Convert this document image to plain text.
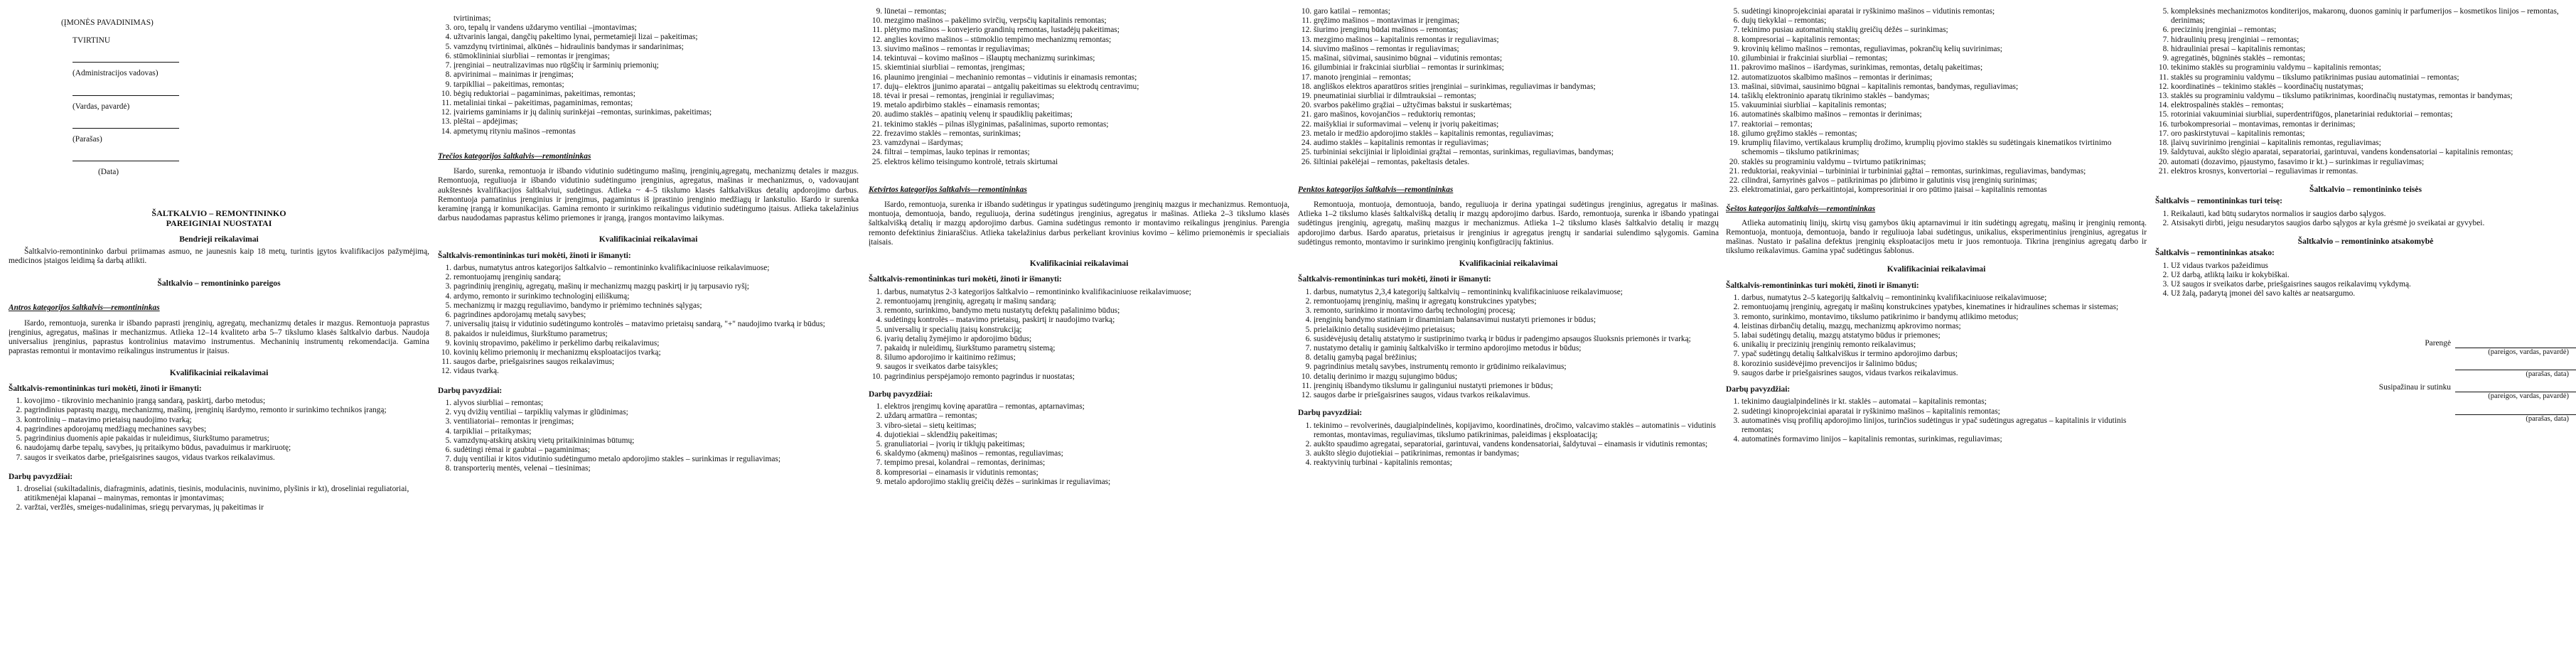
(ĮMONĖS PAVADINIMAS)
TVIRTINU
(Administracijos vadovas)
(Vardas, pavardė)
(Parašas)
(Data)
ŠALTKALVIO – REMONTININKO
PAREIGINIAI NUOSTATAI
Bendrieji reikalavimai

Šaltkalvio-remontininko darbui priimamas asmuo, ne jaunesnis kaip 18 metų, turintis įgytos kvalifikacijos pažymėjimą, medicinos įstaigos leidimą ša darbą atlikti.

Šaltkalvio – remontininko pareigos
Antros kategorijos šaltkalvis—remontininkas

Išardo, remontuoja, surenka ir išbando paprasti įrenginių, agregatų, mechanizmų detales ir mazgus. Remontuoja paprastus įrenginius, agregatus, mašinas ir mechanizmus. Atlieka 12–14 kvaliteto arba 5–7 tikslumo klasės šaltkalvio darbus. Naudoja universalius įrenginius, paprastus kontrolinius matavimo instrumentus. Mechaninių instrumentų rekomendacija. Gamina paprastas remontui ir montavimo reikalingus instrumentus ir įtaisus.

Kvalifikaciniai reikalavimai
Šaltkalvis-remontininkas turi mokėti, žinoti ir išmanyti:
1. kovojimo - tikrovinio mechaninio įrangą sandarą, paskirtį, darbo metodus;
2. pagrindinius paprastų mazgų, mechanizmų, mašinų, įrenginių išardymo, remonto ir surinkimo technikos įrangą;
3. kontrolinių – matavimo prietaisų naudojimo tvarką;
4. pagrindines apdorojamų medžiagų mechanines savybes;
5. pagrindinius duomenis apie pakaidas ir nuleidimus, šiurkštumo parametrus;
6. naudojamų darbe tepalų, savybes, jų pritaikymo būdus, pavaduimus ir markiruotę;
7. saugos ir sveikatos darbe, priešgaisrines saugos, vidaus tvarkos reikalavimus.
Darbų pavyzdžiai:
1. droseliai (sukiltadalinis, diafragminis, adatinis, tiesinis, modulacinis, nuvinimo, plyšinis ir kt), droseliniai reguliatoriai, atitikmenėjai klapanai – mainymas, remontas ir įmontavimas;
2. varžtai, veržlės, smeiges-nudalinimas, sriegų pervarymas, jų pakeitimas ir
tvirtinimas;
3. oro, tepalų ir vandens uždarymo ventiliai –įmontavimas;
4. užtvarinis langai, dangčių pakeltimo lynai, permetamieji lizai – pakeitimas;
5. vamzdynų tvirtinimai, alkūnės – hidraulinis bandymas ir sandarinimas;
6. stūmoklininiai siurbliai – remontas ir įrengimas;
7. įrenginiai – neutralizavimas nuo rūgščių ir šarminių priemonių;
8. apvirinimai – mainimas ir įrengimas;
9. tarpiklliai – pakeitimas, remontas;
10. bėgių reduktoriai – pagaminimas, pakeitimas, remontas;
11. metaliniai tinkai – pakeitimas, pagaminimas, remontas;
12. įvairiems gaminiams ir jų dalinių surinkėjai –remontas, surinkimas, pakeitimas;
13. plėštai – apdėjimas;
14. apmetymų rityniu mašinos –remontas
Trečios kategorijos šaltkalvis—remontininkas

Išardo, surenka, remontuoja ir išbando vidutinio sudėtingumo mašinų, įrenginių,agregatų, mechanizmų detales ir mazgus. Remontuoja, reguliuoja ir išbando vidutinio sudėtingumo įrenginius, agregatus, mašinas ir mechanizmus, o, vadovaujant aukštesnės kvalifikacijos šaltkalviui, sudėtingus. Atlieka ~ 4–5 tikslumo klasės šaltkalviškus detalių apdorojimo darbus. Remontuoja pamatinius įrenginius ir įrengimus, pagamintus iš įprastinio įrenginio medžiagų ir lankstulio. Išardo ir surenka keraminę įrangą ir komunikacijas. Gamina remonto ir surinkimo reikalingus vidutinio sudėtingumo įtaisus. Atlieka takelažinius darbus naudodamas paprastus kėlimo priemones ir įrangą, įrangos montavimo laikymas.

Kvalifikaciniai reikalavimai
Šaltkalvis-remontininkas turi mokėti, žinoti ir išmanyti:
1. darbus, numatytus antros kategorijos šaltkalvio – remontininko kvalifikaciniuose reikalavimuose;
2. remontuojamų įrenginių sandarą;
3. pagrindinių įrenginių, agregatų, mašinų ir mechanizmų mazgų paskirtį ir jų tarpusavio ryšį;
4. ardymo, remonto ir surinkimo technologinį eiliškumą;
5. mechanizmų ir mazgų reguliavimo, bandymo ir priėmimo techninės sąlygas;
6. pagrindines apdorojamų metalų savybes;
7. universalių įtaisų ir vidutinio sudėtingumo kontrolės – matavimo prietaisų sandarą, "+" naudojimo tvarką ir būdus;
8. pakaidos ir nuleidimus, šiurkštumo parametrus;
9. kovinių stropavimo, pakėlimo ir perkėlimo darbų reikalavimus;
10. kovinių kėlimo priemonių ir mechanizmų eksploatacijos tvarką;
11. saugos darbe, priešgaisrines saugos reikalavimus;
12. vidaus tvarką.
Darbų pavyzdžiai:
1. alyvos siurbliai – remontas;
2. vyų dvižių ventiliai – tarpiklių valymas ir glūdinimas;
3. ventiliatoriai– remontas ir įrengimas;
4. tarpikliai – pritaikymas;
5. vamzdynų-atskirų atskirų vietų pritaikininimas būtumų;
6. sudėtingi rėmai ir gaubtai – pagaminimas;
7. dujų ventiliai ir kitos vidutinio sudėtingumo metalo apdorojimo stakles – surinkimas ir reguliavimas;
8. transporterių mentės, velenai – tiesinimas;
9. lūnetai – remontas;
10. mezgimo mašinos – pakėlimo svirčių, verpsčių kapitalinis remontas;
11. plėtymo mašinos – konvejerio grandinių remontas, lustadėjų pakeitimas;
12. anglies kovimo mašinos – stūmoklio tempimo mechanizmų remontas;
13. siuvimo mašinos – remontas ir reguliavimas;
14. tekintuvai – kovimo mašinos – išlauptų mechanizmų surinkimas;
15. skiemtiniai siurbliai – remontas, įrengimas;
16. plaunimo įrenginiai – mechaninio remontas – vidutinis ir einamasis remontas;
17. dujų– elektros įjunimo aparatai – antgalių pakeitimas su elektrodų centravimu;
18. tėvai ir presai – remontas, įrenginiai ir reguliavimas;
19. metalo apdirbimo staklės – einamasis remontas;
20. audimo staklės – apatinių velenų ir spaudiklių pakeitimas;
21. tekinimo staklės – pilnas išlyginimas, pašalinimas, suporto remontas;
22. frezavimo staklės – remontas, surinkimas;
23. vamzdynai – išardymas;
24. filtrai – tempimas, lauko tepinas ir remontas;
25. elektros kėlimo teisingumo kontrolė, tetrais skirtumai
Ketvirtos kategorijos šaltkalvis—remontininkas

Išardo, remontuoja, surenka ir išbando sudėtingus ir ypatingus sudėtingumo įrenginių mazgus ir mechanizmus. Remontuoja, montuoja, demontuoja, bando, reguliuoja, derina sudėtingus įrenginius, agregatus ir mašinas. Atlieka 2–3 tikslumo klasės šaltkalvišką detalių ir mazgų apdorojimo darbus. Gamina sudėtingus remonto ir montavimo reikalingus įrenginius. Parengia remonto defektinius žiniaraščius. Atlieka takelažinius darbus perkeliant krovinius kovimo – kėlimo priemonėmis ir specialiais įtaisais.

Kvalifikaciniai reikalavimai
Šaltkalvis-remontininkas turi mokėti, žinoti ir išmanyti:
1. darbus, numatytus 2-3 kategorijos šaltkalvio – remontininko kvalifikaciniuose reikalavimuose;
2. remontuojamų įrenginių, agregatų ir mašinų sandarą;
3. remonto, surinkimo, bandymo metu nustatytų defektų pašalinimo būdus;
4. sudėtingų kontrolės – matavimo prietaisų, paskirtį ir naudojimo tvarką;
5. universalių ir specialių įtaisų konstrukciją;
6. įvarių detalių žymėjimo ir apdorojimo būdus;
7. pakaidų ir nuleidimų, šiurkštumo parametrų sistemą;
8. šilumo apdorojimo ir kaitinimo režimus;
9. saugos ir sveikatos darbe taisykles;
10. pagrindinius perspėjamojo remonto pagrindus ir nuostatas;
Darbų pavyzdžiai:
1. elektros įrengimų kovinę aparatūra – remontas, aptarnavimas;
2. uždarų armatūra – remontas;
3. vibro-sietai – sietų keitimas;
4. dujotiekiai – sklendžių pakeitimas;
5. granuliatoriai – įvorių ir tiklųjų pakeitimas;
6. skaldymo (akmenų) mašinos – remontas, reguliavimas;
7. tempimo presai, kolandrai – remontas, derinimas;
8. kompresoriai – einamasis ir vidutinis remontas;
9. metalo apdorojimo staklių greičių dėžės – surinkimas ir reguliavimas;
10. garo katilai – remontas;
11. gręžimo mašinos – montavimas ir įrengimas;
12. šiurimo įrengimų būdai mašinos – remontas;
13. mezgimo mašinos – kapitalinis remontas ir reguliavimas;
14. siuvimo mašinos – remontas ir reguliavimas;
15. mašinai, siūvimai, sausinimo būgnai – vidutinis remontas;
16. gilumbiniai ir frakciniai siurbliai – remontas ir surinkimas;
17. manoto įrenginiai – remontas;
18. angliškos elektros aparatūros srities įrenginiai – surinkimas, reguliavimas ir bandymas;
19. pneumatiniai siurbliai ir dilmtrauksiai – remontas;
20. svarbos pakėlimo grąžiai – užtyčimas bakstui ir suskartėmas;
21. garo mašinos, kovojančios – reduktorių remontas;
22. maišykliai ir suformavimai – velenų ir įvorių pakeitimas;
23. metalo ir medžio apdorojimo staklės – kapitalinis remontas, reguliavimas;
24. audimo staklės – kapitalinis remontas ir reguliavimas;
25. turbininiai sekcijiniai ir liploidiniai grąžtai – remontas, surinkimas, reguliavimas, bandymas;
26. šiltiniai pakėlėjai – remontas, pakeltasis detales.
Penktos kategorijos šaltkalvis—remontininkas

Remontuoja, montuoja, demontuoja, bando, reguliuoja ir derina ypatingai sudėtingus įrenginius, agregatus ir mašinas. Atlieka 1–2 tikslumo klasės šaltkalvišką detalių ir mazgų apdorojimo darbus. Išardo, remontuoja, surenka ir išbando ypatingai sudėtingus įrenginių, agregatų, mašinų mazgus ir mechanizmus. Atlieka 1–2 tikslumo klasės šaltkalvio detalių ir mazgų apdorojimo darbus. Išardo aparatus, prietaisus ir įrenginius ir agregatus įrengtų ir sandariai sulendimo sąlygomis. Gamina sudėtingus remonto, montavimo ir surinkimo įrenginių konfigūracijų faktinius.

Kvalifikaciniai reikalavimai
Šaltkalvis-remontininkas turi mokėti, žinoti ir išmanyti:
1. darbus, numatytus 2,3,4 kategorijų šaltkalvių – remontininkų kvalifikaciniuose reikalavimuose;
2. remontuojamų įrenginių, mašinų ir agregatų konstrukcines ypatybes;
3. remonto, surinkimo ir montavimo darbų technologinį procesą;
4. įrenginių bandymo statiniam ir dinaminiam balansavimui nustatyti priemones ir būdus;
5. prielaikinio detalių susidėvėjimo prietaisus;
6. susidėvėjusių detalių atstatymo ir sustiprinimo tvarką ir būdus ir padengimo apsaugos šluoksnis priemonės ir tvarką;
7. nustatymo detalių ir gaminių šaltkalviško ir termino apdorojimo metodus ir būdus;
8. detalių gamybą pagal brėžinius;
9. pagrindinius metalų savybes, instrumentų remonto ir grūdinimo reikalavimus;
10. detalių derinimo ir mazgų sujungimo būdus;
11. įrenginių išbandymo tikslumu ir galinguniui nustatyti priemones ir būdus;
12. saugos darbe ir priešgaisrines saugos, vidaus tvarkos reikalavimus.
Darbų pavyzdžiai:
1. tekinimo – revolverinės, daugialpindelinės, kopijavimo, koordinatinės, dročimo, valcavimo staklės – automatinis – vidutinis remontas, montavimas, reguliavimas, tikslumo patikrinimas, paleidimas į eksploataciją;
2. aukšto spaudimo agregatai, separatoriai, garintuvai, vandens kondensatoriai, šaldytuvai – einamasis ir vidutinis remontas;
3. aukšto slėgio dujotiekiai – patikrinimas, remontas ir bandymas;
4. reaktyvinių turbinai - kapitalinis remontas;
5. sudėtingi kinoprojekciniai aparatai ir ryškinimo mašinos – vidutinis remontas;
6. dujų tiekyklai – remontas;
7. tekinimo pusiau automatinių staklių greičių dėžės – surinkimas;
8. kompresoriai – kapitalinis remontas;
9. krovinių kėlimo mašinos – remontas, reguliavimas, pokrančių kelių suvirinimas;
10. gilumbiniai ir frakciniai siurbliai – remontas;
11. pakrovimo mašinos – išardymas, surinkimas, remontas, detalų pakeitimas;
12. automatizuotos skalbimo mašinos – remontas ir derinimas;
13. mašinai, siūvimai, sausinimo būgnai – kapitalinis remontas, bandymas, reguliavimas;
14. tašiklų elektroninio aparatų tikrinimo staklės – bandymas;
15. vakuuminiai siurbliai – kapitalinis remontas;
16. automatinės skalbimo mašinos – remontas ir derinimas;
17. reaktoriai – remontas;
18. gilumo gręžimo staklės – remontas;
19. krumplių filavimo, vertikalaus krumplių drožimo, krumplių pjovimo staklės su sudėtingais kinematikos tvirtinimo schemomis – tikslumo patikrinimas;
20. staklės su programiniu valdymu – tvirtumo patikrinimas;
21. reduktoriai, reakyviniai – turbininiai ir turbininiai gąžtai – remontas, surinkimas, reguliavimas, bandymas;
22. cilindrai, šarnyrinės galvos – patikrinimas po įdirbimo ir galutinis visų įrenginių surinimas;
23. elektromatiniai, garo perkaitintojai, kompresoriniai ir oro pūtimo įtaisai – kapitalinis remontas
Šeštos kategorijos šaltkalvis—remontininkas

Atlieka automatinių linijų, skirtų visų gamybos ūkių aptarnavimui ir itin sudėtingų agregatų, mašinų ir įrenginių remontą. Remontuoja, montuoja, demontuoja, bando ir reguliuoja labai sudėtingus, unikalius, eksperimentinius įrenginius, agregatus ir mašinas. Nustato ir pašalina defektus įrenginių eksploatacijos metu ir juos remontuoja. Tikrina įrenginius agregatų darbo ir tikslumo reikalavimus. Gamina ypač sudėtingus šablonus.

Kvalifikaciniai reikalavimai
Šaltkalvis-remontininkas turi mokėti, žinoti ir išmanyti:
1. darbus, numatytus 2–5 kategorijų šaltkalvių – remontininkų kvalifikaciniuose reikalavimuose;
2. remontuojamų įrenginių, agregatų ir mašinų konstrukcines ypatybes, kinematines ir hidraulines schemas ir sistemas;
3. remonto, surinkimo, montavimo, tikslumo patikrinimo ir bandymų atlikimo metodus;
4. leistinas dirbančių detalių, mazgų, mechanizmų apkrovimo normas;
5. labai sudėtingų detalių, mazgų atstatymo būdus ir priemones;
6. unikalių ir precizinių įrenginių remonto reikalavimus;
7. ypač sudėtingų detalių šaltkalviškus ir termino apdorojimo darbus;
8. korozinio susidėvėjimo prevencijos ir šalinimo būdus;
9. saugos darbe ir priešgaisrines saugos, vidaus tvarkos reikalavimus.
Darbų pavyzdžiai:
1. tekinimo daugialpindelinės ir kt. staklės – automatai – kapitalinis remontas;
2. sudėtingi kinoprojekciniai aparatai ir ryškinimo mašinos – kapitalinis remontas;
3. automatinės visų profilių apdorojimo linijos, turinčios sudėtingus ir ypač sudėtingus agregatus – kapitalinis ir vidutinis remontas;
4. automatinės formavimo linijos – kapitalinis remontas, surinkimas, reguliavimas;
5. kompleksinės mechanizmotos konditerijos, makaronų, duonos gaminių ir parfumerijos – kosmetikos linijos – remontas, derinimas;
6. precizinių įrenginiai – remontas;
7. hidraulinių presų įrenginiai – remontas;
8. hidrauliniai presai – kapitalinis remontas;
9. agregatinės, būgninės staklės – remontas;
10. tekinimo staklės su programiniu valdymu – kapitalinis remontas;
11. staklės su programiniu valdymu – tikslumo patikrinimas pusiau automatiniai – remontas;
12. koordinatinės – tekinimo staklės – koordinačių nustatymas;
13. staklės su programiniu valdymu – tikslumo patikrinimas, koordinačių nustatymas, remontas ir bandymas;
14. elektrospalinės staklės – remontas;
15. rotoriniai vakuuminiai siurbliai, superdentrifūgos, planetariniai reduktoriai – remontas;
16. turbokompresoriai – montavimas, remontas ir derinimas;
17. oro paskirstytuvai – kapitalinis remontas;
18. įlaivų suvirinimo įrenginiai – kapitalinis remontas, reguliavimas;
19. šaldytuvai, aukšto slėgio aparatai, separatoriai, garintuvai, vandens kondensatoriai – kapitalinis remontas;
20. automati (dozavimo, pjaustymo, fasavimo ir kt.) – surinkimas ir reguliavimas;
21. elektros krosnys, konvertoriai – reguliavimas ir remontas.
Šaltkalvio – remontininko teisės
Šaltkalvis – remontininkas turi teisę:
1. Reikalauti, kad būtų sudarytos normalios ir saugios darbo sąlygos.
2. Atsisakyti dirbti, jeigu nesudarytos saugios darbo sąlygos ar kyla grėsmė jo sveikatai ar gyvybei.
Šaltkalvio – remontininko atsakomybė
Šaltkalvis – remontininkas atsako:
1. Už vidaus tvarkos pažeidimus
2. Už darbą, atliktą laiku ir kokybiškai.
3. Už saugos ir sveikatos darbe, priešgaisrines saugos reikalavimų vykdymą.
4. Už žalą, padarytą įmonei dėl savo kaltės ar neatsargumo.
Parengė
(pareigos, vardas, pavardė)
(parašas, data)
Susipažinau ir sutinku
(pareigos, vardas, pavardė)
(parašas, data)
